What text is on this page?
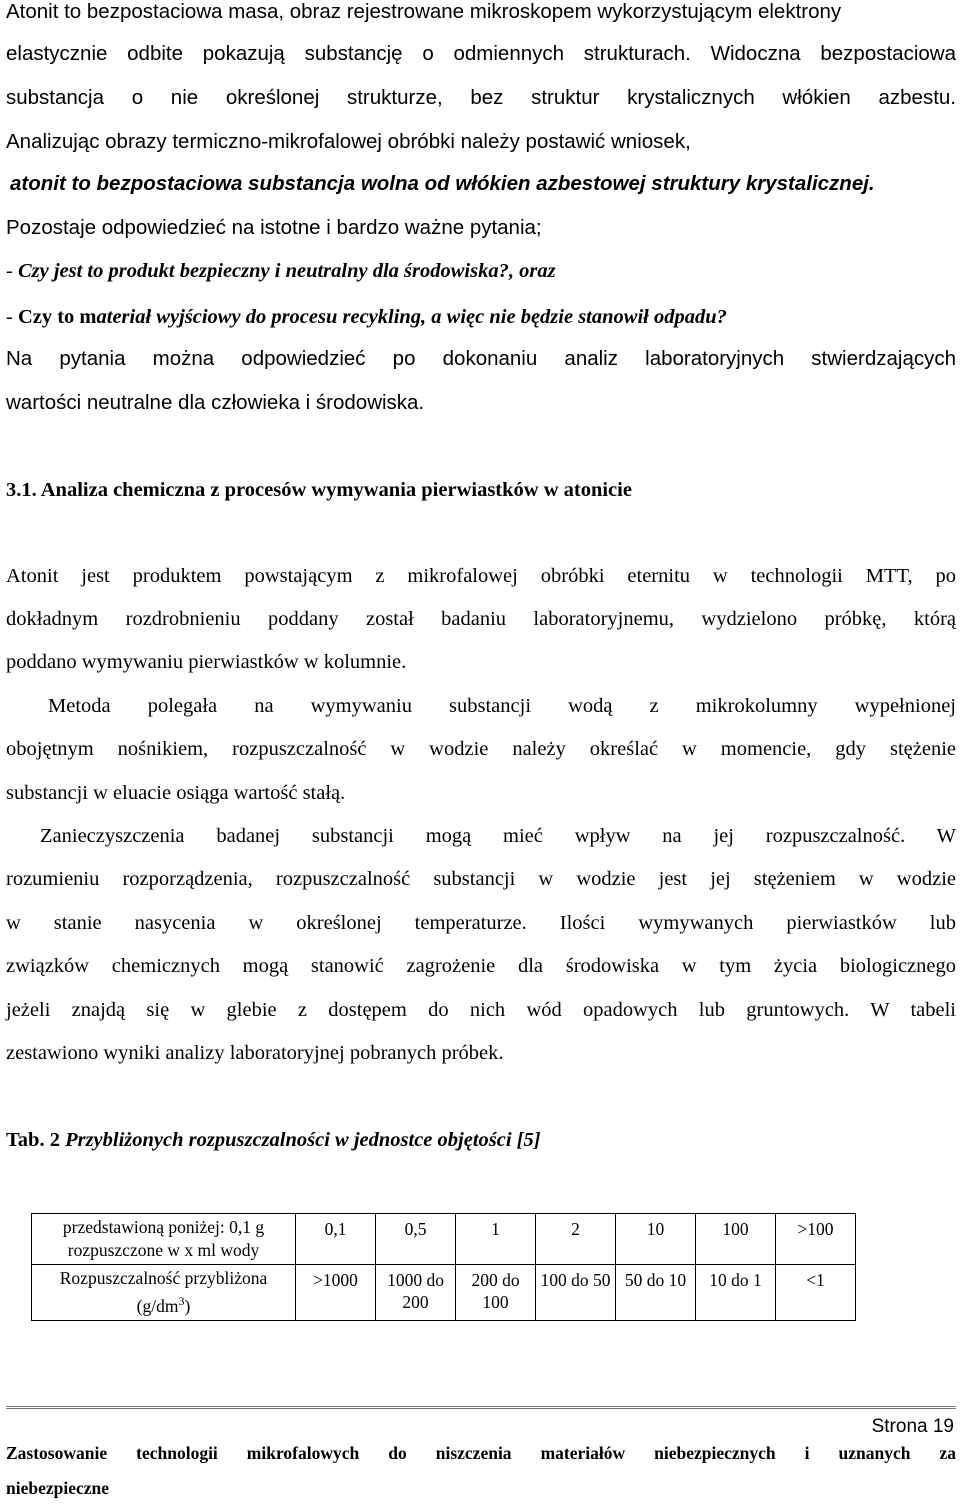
Atonit to bezpostaciowa masa, obraz rejestrowane mikroskopem wykorzystującym elektrony
elastycznie odbite pokazują substancję o odmiennych strukturach. Widoczna bezpostaciowa
substancja o nie określonej strukturze, bez struktur krystalicznych włókien azbestu.
Analizując obrazy termiczno-mikrofalowej obróbki należy postawić wniosek,
atonit to bezpostaciowa substancja wolna od włókien azbestowej struktury krystalicznej.
Pozostaje odpowiedzieć na istotne i bardzo ważne pytania;
- Czy jest to produkt bezpieczny i neutralny dla środowiska?, oraz
- Czy to materiał wyjściowy do procesu recykling, a więc nie będzie stanowił odpadu?
Na pytania można odpowiedzieć po dokonaniu analiz laboratoryjnych stwierdzających
wartości neutralne dla człowieka i środowiska.
3.1. Analiza chemiczna z procesów wymywania pierwiastków w atonicie
Atonit jest produktem powstającym z mikrofalowej obróbki eternitu w technologii MTT, po
dokładnym rozdrobnieniu poddany został badaniu laboratoryjnemu, wydzielono próbkę, którą
poddano wymywaniu pierwiastków w kolumnie.
Metoda polegała na wymywaniu substancji wodą z mikrokolumny wypełnionej
obojętnym nośnikiem, rozpuszczalność w wodzie należy określać w momencie, gdy stężenie
substancji w eluacie osiąga wartość stałą.
Zanieczyszczenia badanej substancji mogą mieć wpływ na jej rozpuszczalność. W
rozumieniu rozporządzenia, rozpuszczalność substancji w wodzie jest jej stężeniem w wodzie
w stanie nasycenia w określonej temperaturze. Ilości wymywanych pierwiastków lub
związków chemicznych mogą stanowić zagrożenie dla środowiska w tym życia biologicznego
jeżeli znajdą się w glebie z dostępem do nich wód opadowych lub gruntowych. W tabeli
zestawiono wyniki analizy laboratoryjnej pobranych próbek.
Tab. 2 Przybliżonych rozpuszczalności w jednostce objętości [5]
przedstawioną poniżej: 0,1 g
rozpuszczone w x ml wody	0,1	0,5	1	2	10	100	>100

Rozpuszczalność przybliżona
$(g/dm^3)$	>1000	1000 do 200	200 do 100	100 do 50	50 do 10	10 do 1	<1
Strona 19
Zastosowanie technologii mikrofalowych do niszczenia materiałów niebezpiecznych i uznanych za
niebezpieczne
